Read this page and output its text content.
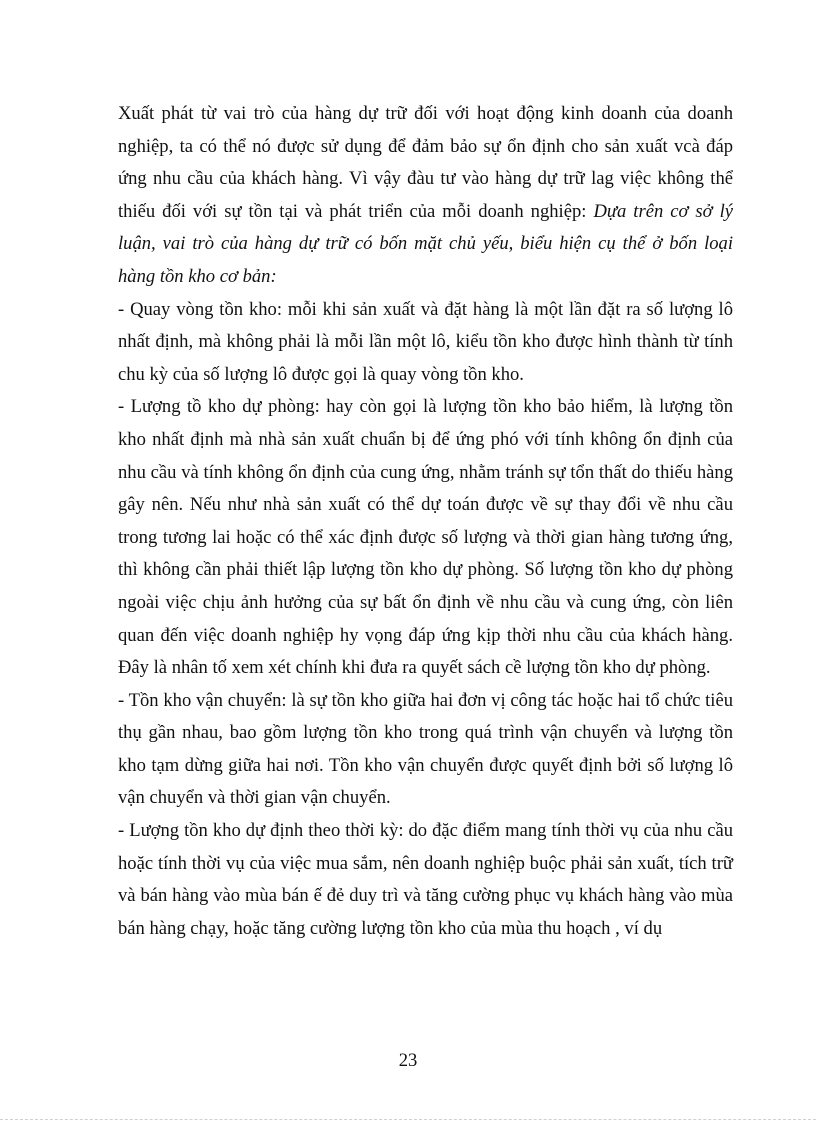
Xuất phát từ vai trò của hàng dự trữ đối với hoạt động kinh doanh của doanh nghiệp, ta có thể nó được sử dụng để đảm bảo sự ổn định cho sản xuất vcà đáp ứng nhu cầu của khách hàng. Vì vậy đàu tư vào hàng dự trữ lag việc không thể thiếu đối với sự tồn tại và phát triển của mỗi doanh nghiệp: Dựa trên cơ sở lý luận, vai trò của hàng dự trữ có bốn mặt chủ yếu, biểu hiện cụ thể ở bốn loại hàng tồn kho cơ bản:

- Quay vòng tồn kho: mỗi khi sản xuất và đặt hàng là một lần đặt ra số lượng lô nhất định, mà không phải là mỗi lần một lô, kiểu tồn kho được hình thành từ tính chu kỳ của số lượng lô được gọi là quay vòng tồn kho.

- Lượng tồ kho dự phòng: hay còn gọi là lượng tồn kho bảo hiểm, là lượng tồn kho nhất định mà nhà sản xuất chuẩn bị để ứng phó với tính không ổn định của nhu cầu và tính không ổn định của cung ứng, nhằm tránh sự tổn thất do thiếu hàng gây nên. Nếu như nhà sản xuất có thể dự toán được về sự thay đổi về nhu cầu trong tương lai hoặc có thể xác định được số lượng và thời gian hàng tương ứng, thì không cần phải thiết lập lượng tồn kho dự phòng. Số lượng tồn kho dự phòng ngoài việc chịu ảnh hưởng của sự bất ổn định về nhu cầu và cung ứng, còn liên quan đến việc doanh nghiệp hy vọng đáp ứng kịp thời nhu cầu của khách hàng. Đây là nhân tố xem xét chính khi đưa ra quyết sách cề lượng tồn kho dự phòng.

- Tồn kho vận chuyển: là sự tồn kho giữa hai đơn vị công tác hoặc hai tổ chức tiêu thụ gần nhau, bao gồm lượng tồn kho trong quá trình vận chuyển và lượng tồn kho tạm dừng giữa hai nơi. Tồn kho vận chuyển được quyết định bởi số lượng lô vận chuyển và thời gian vận chuyển.

- Lượng tồn kho dự định theo thời kỳ: do đặc điểm mang tính thời vụ của nhu cầu hoặc tính thời vụ của việc mua sắm, nên doanh nghiệp buộc phải sản xuất, tích trữ và bán hàng vào mùa bán ế đẻ duy trì và tăng cường phục vụ khách hàng vào mùa bán hàng chạy, hoặc tăng cường lượng tồn kho của mùa thu hoạch , ví dụ

23
